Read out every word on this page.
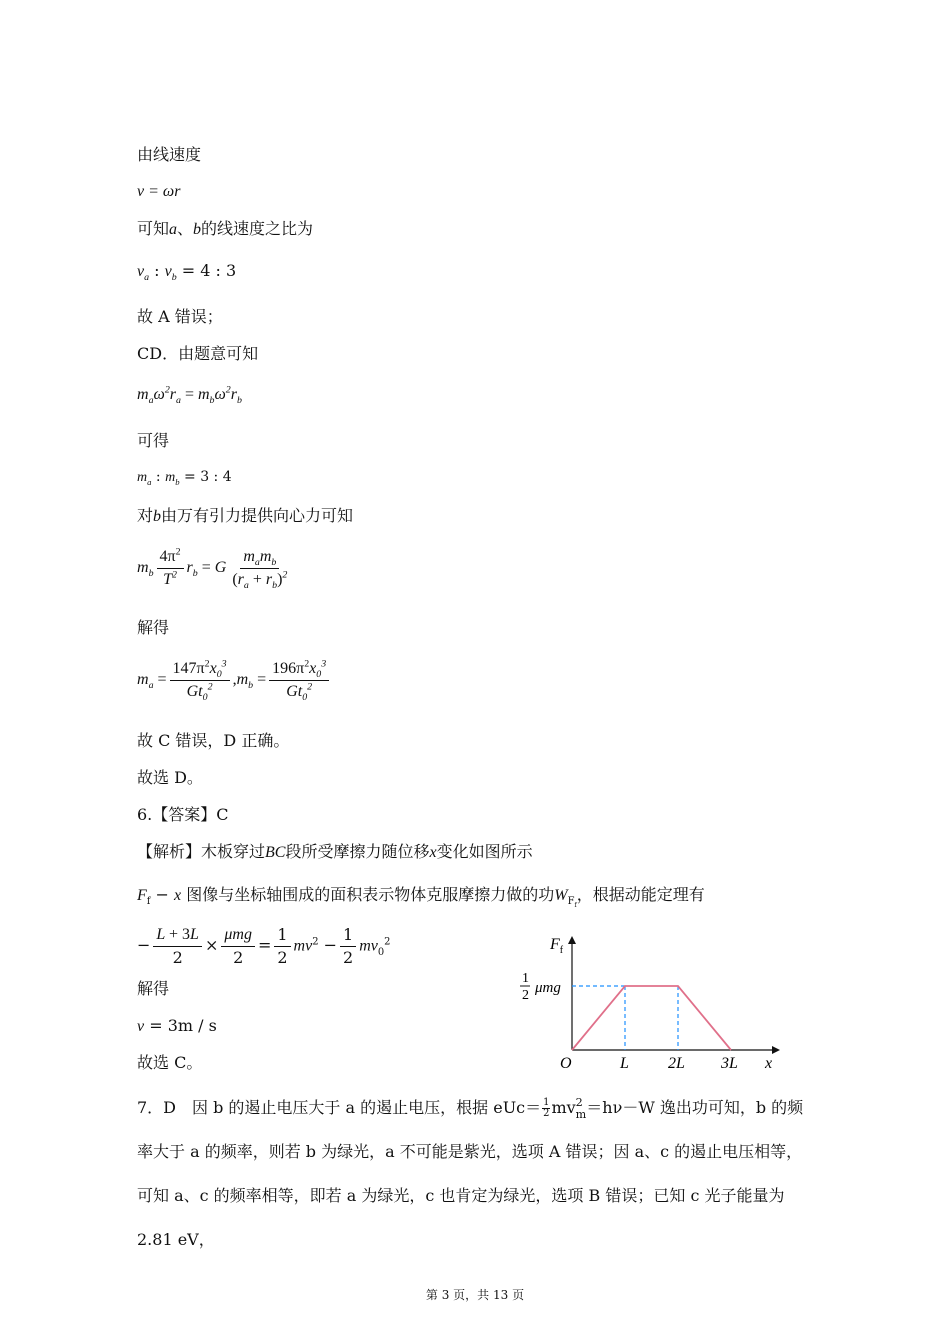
由线速度
v = ωr
可知a、b的线速度之比为
$v_a$ : $v_b = 4$ : 3
故 A 错误；
CD．由题意可知
$m_a\omega^2r_a = m_b\omega^2r_b$
可得
$m_a$ : $m_b = 3$ : 4
对b由万有引力提供向心力可知
$m_b \frac{4\pi^2}{T^2} r_b = G \frac{m_am_b}{(r_a + r_b)^2}$
解得
$m_a = \frac{147\pi^2x_0^3}{Gt_0^2} ,m_b = \frac{196\pi^2x_0^3}{Gt_0^2}$
故 C 错误，D 正确。
故选 D。
6.【答案】C
【解析】木板穿过BC段所受摩擦力随位移x变化如图所示
$F_f - x$ 图像与坐标轴围成的面积表示物体克服摩擦力做的功$W_{F_f}$，根据动能定理有
− $\frac{L + 3L}{2} \times \frac{\text{μmg}}{2} = \frac{1}{2} mv^2 - \frac{1}{2} mv_0^2$
解得
v = 3m / s
故选 C。
7．D　因 b 的遏止电压大于 a 的遏止电压，根据 $eUc= \frac{1}{2}$ mv 2
m ＝hν－W 逸出功可知，b 的频率大于 a 的频率，则若 b 为绿光，a 不可能是紫光，选项 A 错误；因 a、c 的遏止电压相等，可知 a、c 的频率相等，即若 a 为绿光，c 也肯定为绿光，选项 B 错误；已知 c 光子能量为 2.81 eV，
$F_f$
1
2 μmg
O	L 2L 3L x
第 3 页，共 13 页
